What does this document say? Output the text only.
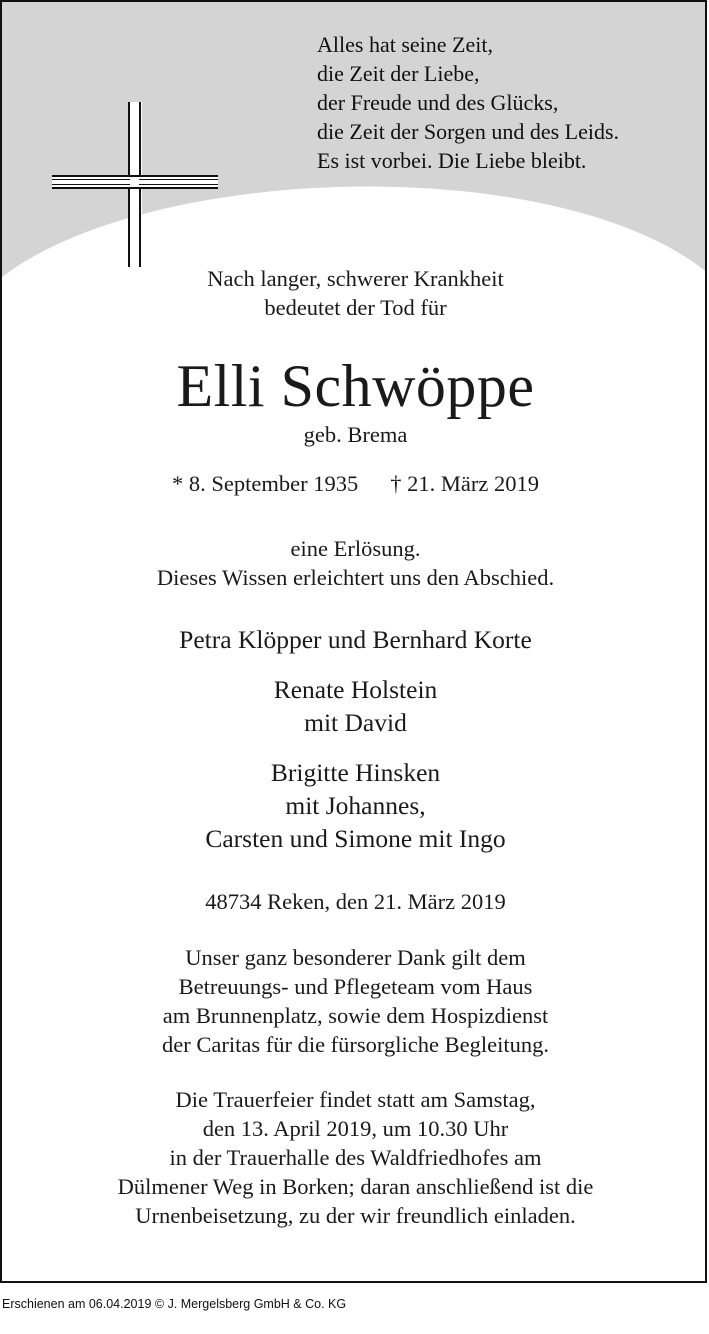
Alles hat seine Zeit,
die Zeit der Liebe,
der Freude und des Glücks,
die Zeit der Sorgen und des Leids.
Es ist vorbei. Die Liebe bleibt.
Nach langer, schwerer Krankheit
bedeutet der Tod für
Elli Schwöppe
geb. Brema
* 8. September 1935 † 21. März 2019
eine Erlösung.
Dieses Wissen erleichtert uns den Abschied.
Petra Klöpper und Bernhard Korte
Renate Holstein
mit David
Brigitte Hinsken
mit Johannes,
Carsten und Simone mit Ingo
48734 Reken, den 21. März 2019
Unser ganz besonderer Dank gilt dem
Betreuungs- und Pflegeteam vom Haus
am Brunnenplatz, sowie dem Hospizdienst
der Caritas für die fürsorgliche Begleitung.
Die Trauerfeier findet statt am Samstag,
den 13. April 2019, um 10.30 Uhr
in der Trauerhalle des Waldfriedhofes am
Dülmener Weg in Borken; daran anschließend ist die
Urnenbeisetzung, zu der wir freundlich einladen.
Erschienen am 06.04.2019 © J. Mergelsberg GmbH & Co. KG
